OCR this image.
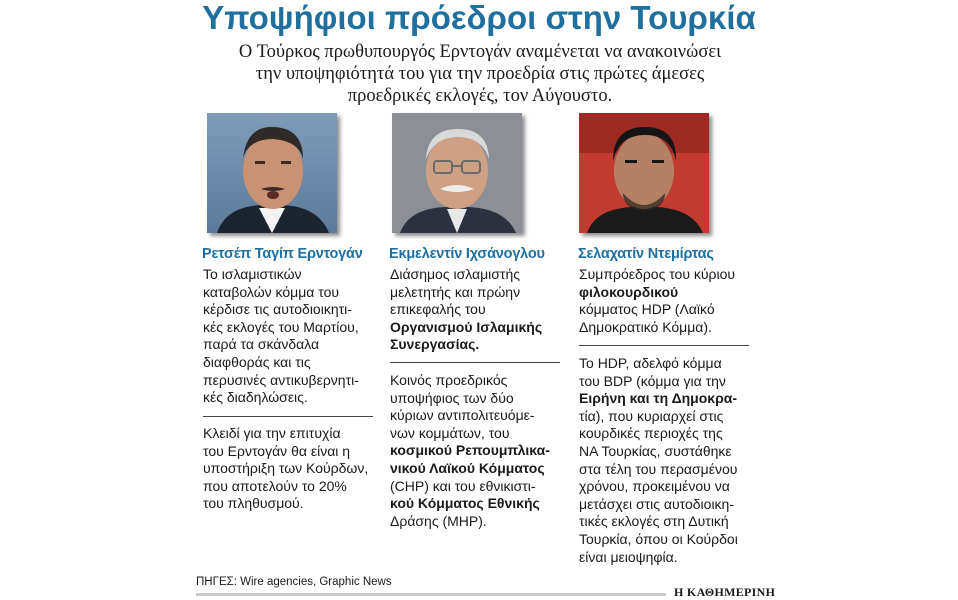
Υποψήφιοι πρόεδροι στην Τουρκία
Ο Τούρκος πρωθυπουργός Ερντογάν αναμένεται να ανακοινώσει
την υποψηφιότητά του για την προεδρία στις πρώτες άμεσες
προεδρικές εκλογές, τον Αύγουστο.
Ρετσέπ Ταγίπ Ερντογάν
Το ισλαμιστικών
καταβολών κόμμα του
κέρδισε τις αυτοδιοικητι-
κές εκλογές του Μαρτίου,
παρά τα σκάνδαλα
διαφθοράς και τις
περυσινές αντικυβερνητι-
κές διαδηλώσεις.
Κλειδί για την επιτυχία
του Ερντογάν θα είναι η
υποστήριξη των Κούρδων,
που αποτελούν το 20%
του πληθυσμού.
Εκμελεντίν Ιχσάνογλου
Διάσημος ισλαμιστής
μελετητής και πρώην
επικεφαλής του
Οργανισμού Ισλαμικής
Συνεργασίας.
Κοινός προεδρικός
υποψήφιος των δύο
κύριων αντιπολιτευόμε-
νων κομμάτων, του
κοσμικού Ρεπουμπλικα-
νικού Λαϊκού Κόμματος
(CHP) και του εθνικιστι-
κού Κόμματος Εθνικής
Δράσης (MHP).
Σελαχατίν Ντεμίρτας
Συμπρόεδρος του κύριου
φιλοκουρδικού
κόμματος HDP (Λαϊκό
Δημοκρατικό Κόμμα).
Το HDP, αδελφό κόμμα
του BDP (κόμμα για την
Ειρήνη και τη Δημοκρα-
τία), που κυριαρχεί στις
κουρδικές περιοχές της
ΝΑ Τουρκίας, συστάθηκε
στα τέλη του περασμένου
χρόνου, προκειμένου να
μετάσχει στις αυτοδιοικη-
τικές εκλογές στη Δυτική
Τουρκία, όπου οι Κούρδοι
είναι μειοψηφία.
ΠΗΓΕΣ: Wire agencies, Graphic News
Η ΚΑΘΗΜΕΡΙΝΗ
